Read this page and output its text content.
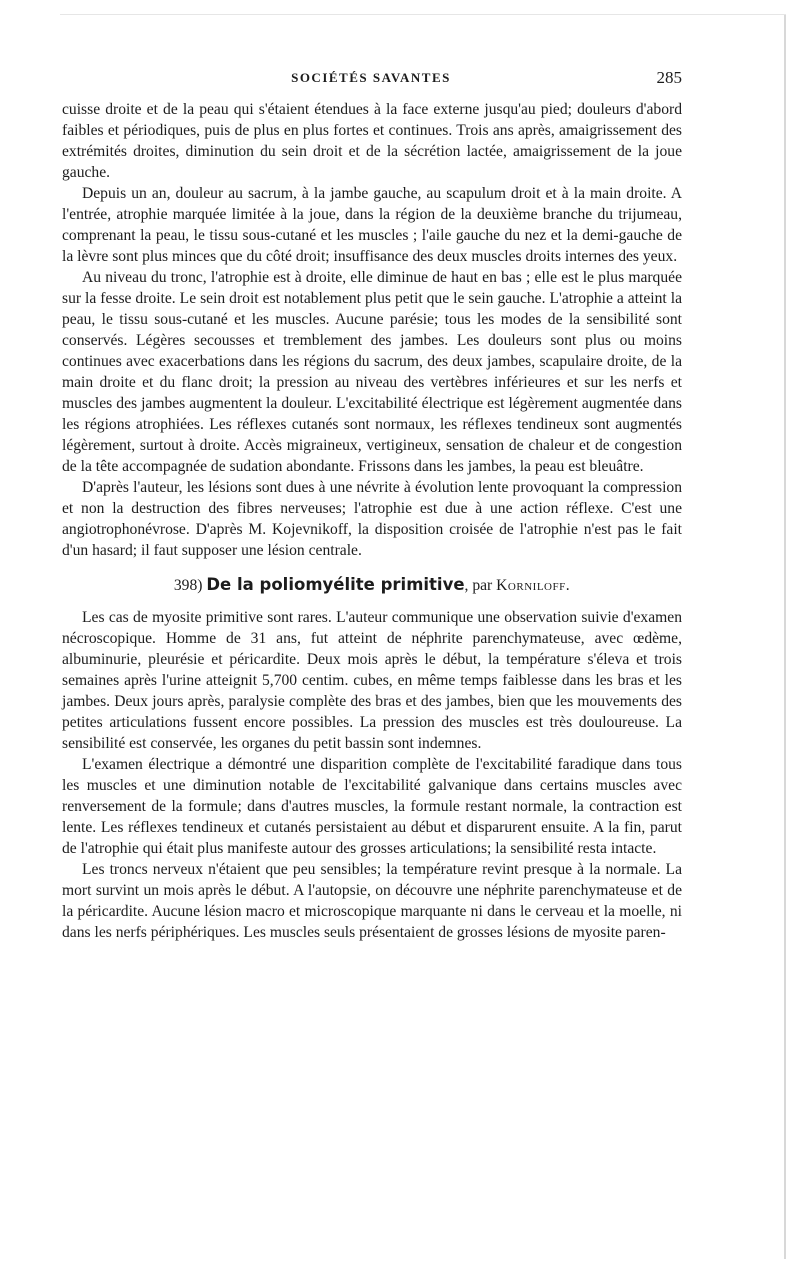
SOCIÉTÉS SAVANTES	285

cuisse droite et de la peau qui s'étaient étendues à la face externe jusqu'au pied; douleurs d'abord faibles et périodiques, puis de plus en plus fortes et continues. Trois ans après, amaigrissement des extrémités droites, diminution du sein droit et de la sécrétion lactée, amaigrissement de la joue gauche.

Depuis un an, douleur au sacrum, à la jambe gauche, au scapulum droit et à la main droite. A l'entrée, atrophie marquée limitée à la joue, dans la région de la deuxième branche du trijumeau, comprenant la peau, le tissu sous-cutané et les muscles ; l'aile gauche du nez et la demi-gauche de la lèvre sont plus minces que du côté droit; insuffisance des deux muscles droits internes des yeux.

Au niveau du tronc, l'atrophie est à droite, elle diminue de haut en bas ; elle est le plus marquée sur la fesse droite. Le sein droit est notablement plus petit que le sein gauche. L'atrophie a atteint la peau, le tissu sous-cutané et les muscles. Aucune parésie; tous les modes de la sensibilité sont conservés. Légères secousses et tremblement des jambes. Les douleurs sont plus ou moins continues avec exacerbations dans les régions du sacrum, des deux jambes, scapulaire droite, de la main droite et du flanc droit; la pression au niveau des vertèbres inférieures et sur les nerfs et muscles des jambes augmentent la douleur. L'excitabilité électrique est légèrement augmentée dans les régions atrophiées. Les réflexes cutanés sont normaux, les réflexes tendineux sont augmentés légèrement, surtout à droite. Accès migraineux, vertigineux, sensation de chaleur et de congestion de la tête accompagnée de sudation abondante. Frissons dans les jambes, la peau est bleuâtre.

D'après l'auteur, les lésions sont dues à une névrite à évolution lente provoquant la compression et non la destruction des fibres nerveuses; l'atrophie est due à une action réflexe. C'est une angiotrophonévrose. D'après M. Kojevnikoff, la disposition croisée de l'atrophie n'est pas le fait d'un hasard; il faut supposer une lésion centrale.

398) De la poliomyélite primitive, par Korniloff.

Les cas de myosite primitive sont rares. L'auteur communique une observation suivie d'examen nécroscopique. Homme de 31 ans, fut atteint de néphrite parenchymateuse, avec œdème, albuminurie, pleurésie et péricardite. Deux mois après le début, la température s'éleva et trois semaines après l'urine atteignit 5,700 centim. cubes, en même temps faiblesse dans les bras et les jambes. Deux jours après, paralysie complète des bras et des jambes, bien que les mouvements des petites articulations fussent encore possibles. La pression des muscles est très douloureuse. La sensibilité est conservée, les organes du petit bassin sont indemnes.

L'examen électrique a démontré une disparition complète de l'excitabilité faradique dans tous les muscles et une diminution notable de l'excitabilité galvanique dans certains muscles avec renversement de la formule; dans d'autres muscles, la formule restant normale, la contraction est lente. Les réflexes tendineux et cutanés persistaient au début et disparurent ensuite. A la fin, parut de l'atrophie qui était plus manifeste autour des grosses articulations; la sensibilité resta intacte.

Les troncs nerveux n'étaient que peu sensibles; la température revint presque à la normale. La mort survint un mois après le début. A l'autopsie, on découvre une néphrite parenchymateuse et de la péricardite. Aucune lésion macro et microscopique marquante ni dans le cerveau et la moelle, ni dans les nerfs périphériques. Les muscles seuls présentaient de grosses lésions de myosite paren-
